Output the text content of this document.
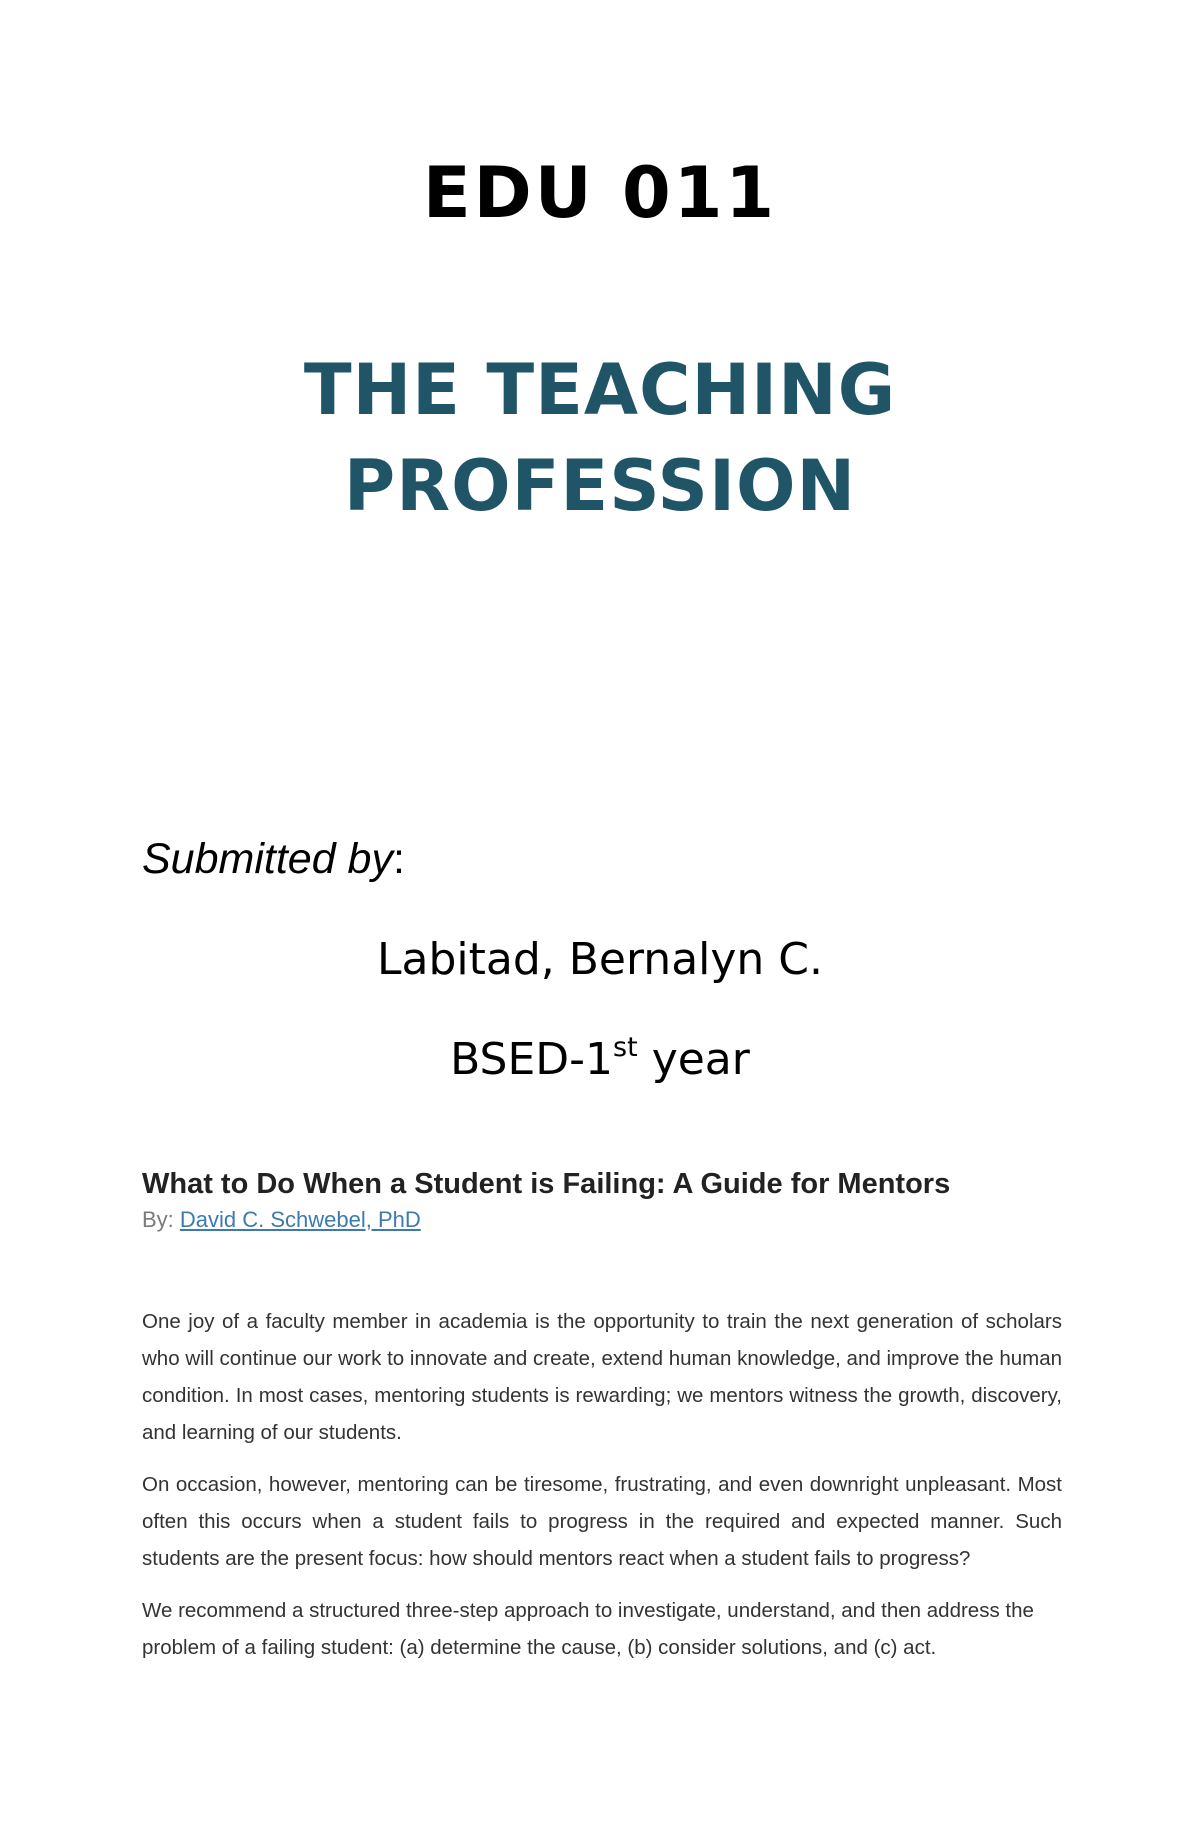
EDU 011
THE TEACHING
PROFESSION
Submitted by:
Labitad, Bernalyn C.
BSED-1st year
What to Do When a Student is Failing: A Guide for Mentors
By: David C. Schwebel, PhD

One joy of a faculty member in academia is the opportunity to train the next generation of scholars who will continue our work to innovate and create, extend human knowledge, and improve the human condition. In most cases, mentoring students is rewarding; we mentors witness the growth, discovery, and learning of our students.

On occasion, however, mentoring can be tiresome, frustrating, and even downright unpleasant. Most often this occurs when a student fails to progress in the required and expected manner. Such students are the present focus: how should mentors react when a student fails to progress?

We recommend a structured three-step approach to investigate, understand, and then address the problem of a failing student: (a) determine the cause, (b) consider solutions, and (c) act.
